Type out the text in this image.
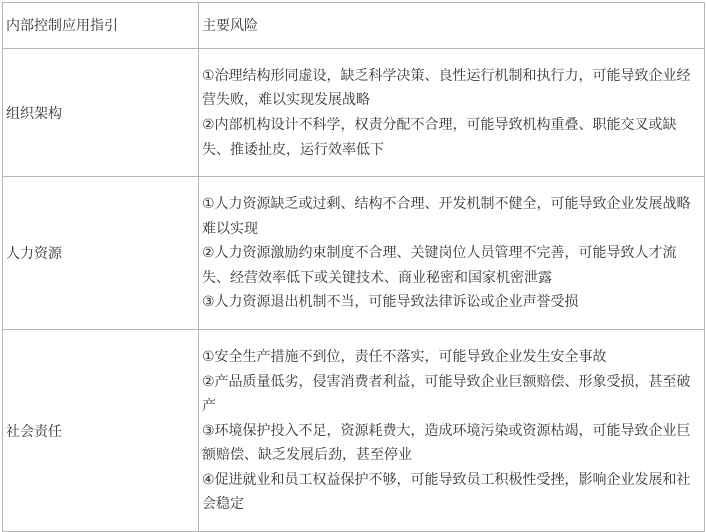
内部控制应用指引	主要风险
组织架构	①治理结构形同虚设，缺乏科学决策、良性运行机制和执行力，可能导致企业经营失败，难以实现发展战略
②内部机构设计不科学，权责分配不合理，可能导致机构重叠、职能交叉或缺失、推诿扯皮，运行效率低下

人力资源	①人力资源缺乏或过剩、结构不合理、开发机制不健全，可能导致企业发展战略难以实现
②人力资源激励约束制度不合理、关键岗位人员管理不完善，可能导致人才流失、经营效率低下或关键技术、商业秘密和国家机密泄露
③人力资源退出机制不当，可能导致法律诉讼或企业声誉受损

社会责任	①安全生产措施不到位，责任不落实，可能导致企业发生安全事故
②产品质量低劣，侵害消费者利益，可能导致企业巨额赔偿、形象受损，甚至破产
③环境保护投入不足，资源耗费大，造成环境污染或资源枯竭，可能导致企业巨额赔偿、缺乏发展后劲，甚至停业
④促进就业和员工权益保护不够，可能导致员工积极性受挫，影响企业发展和社会稳定
